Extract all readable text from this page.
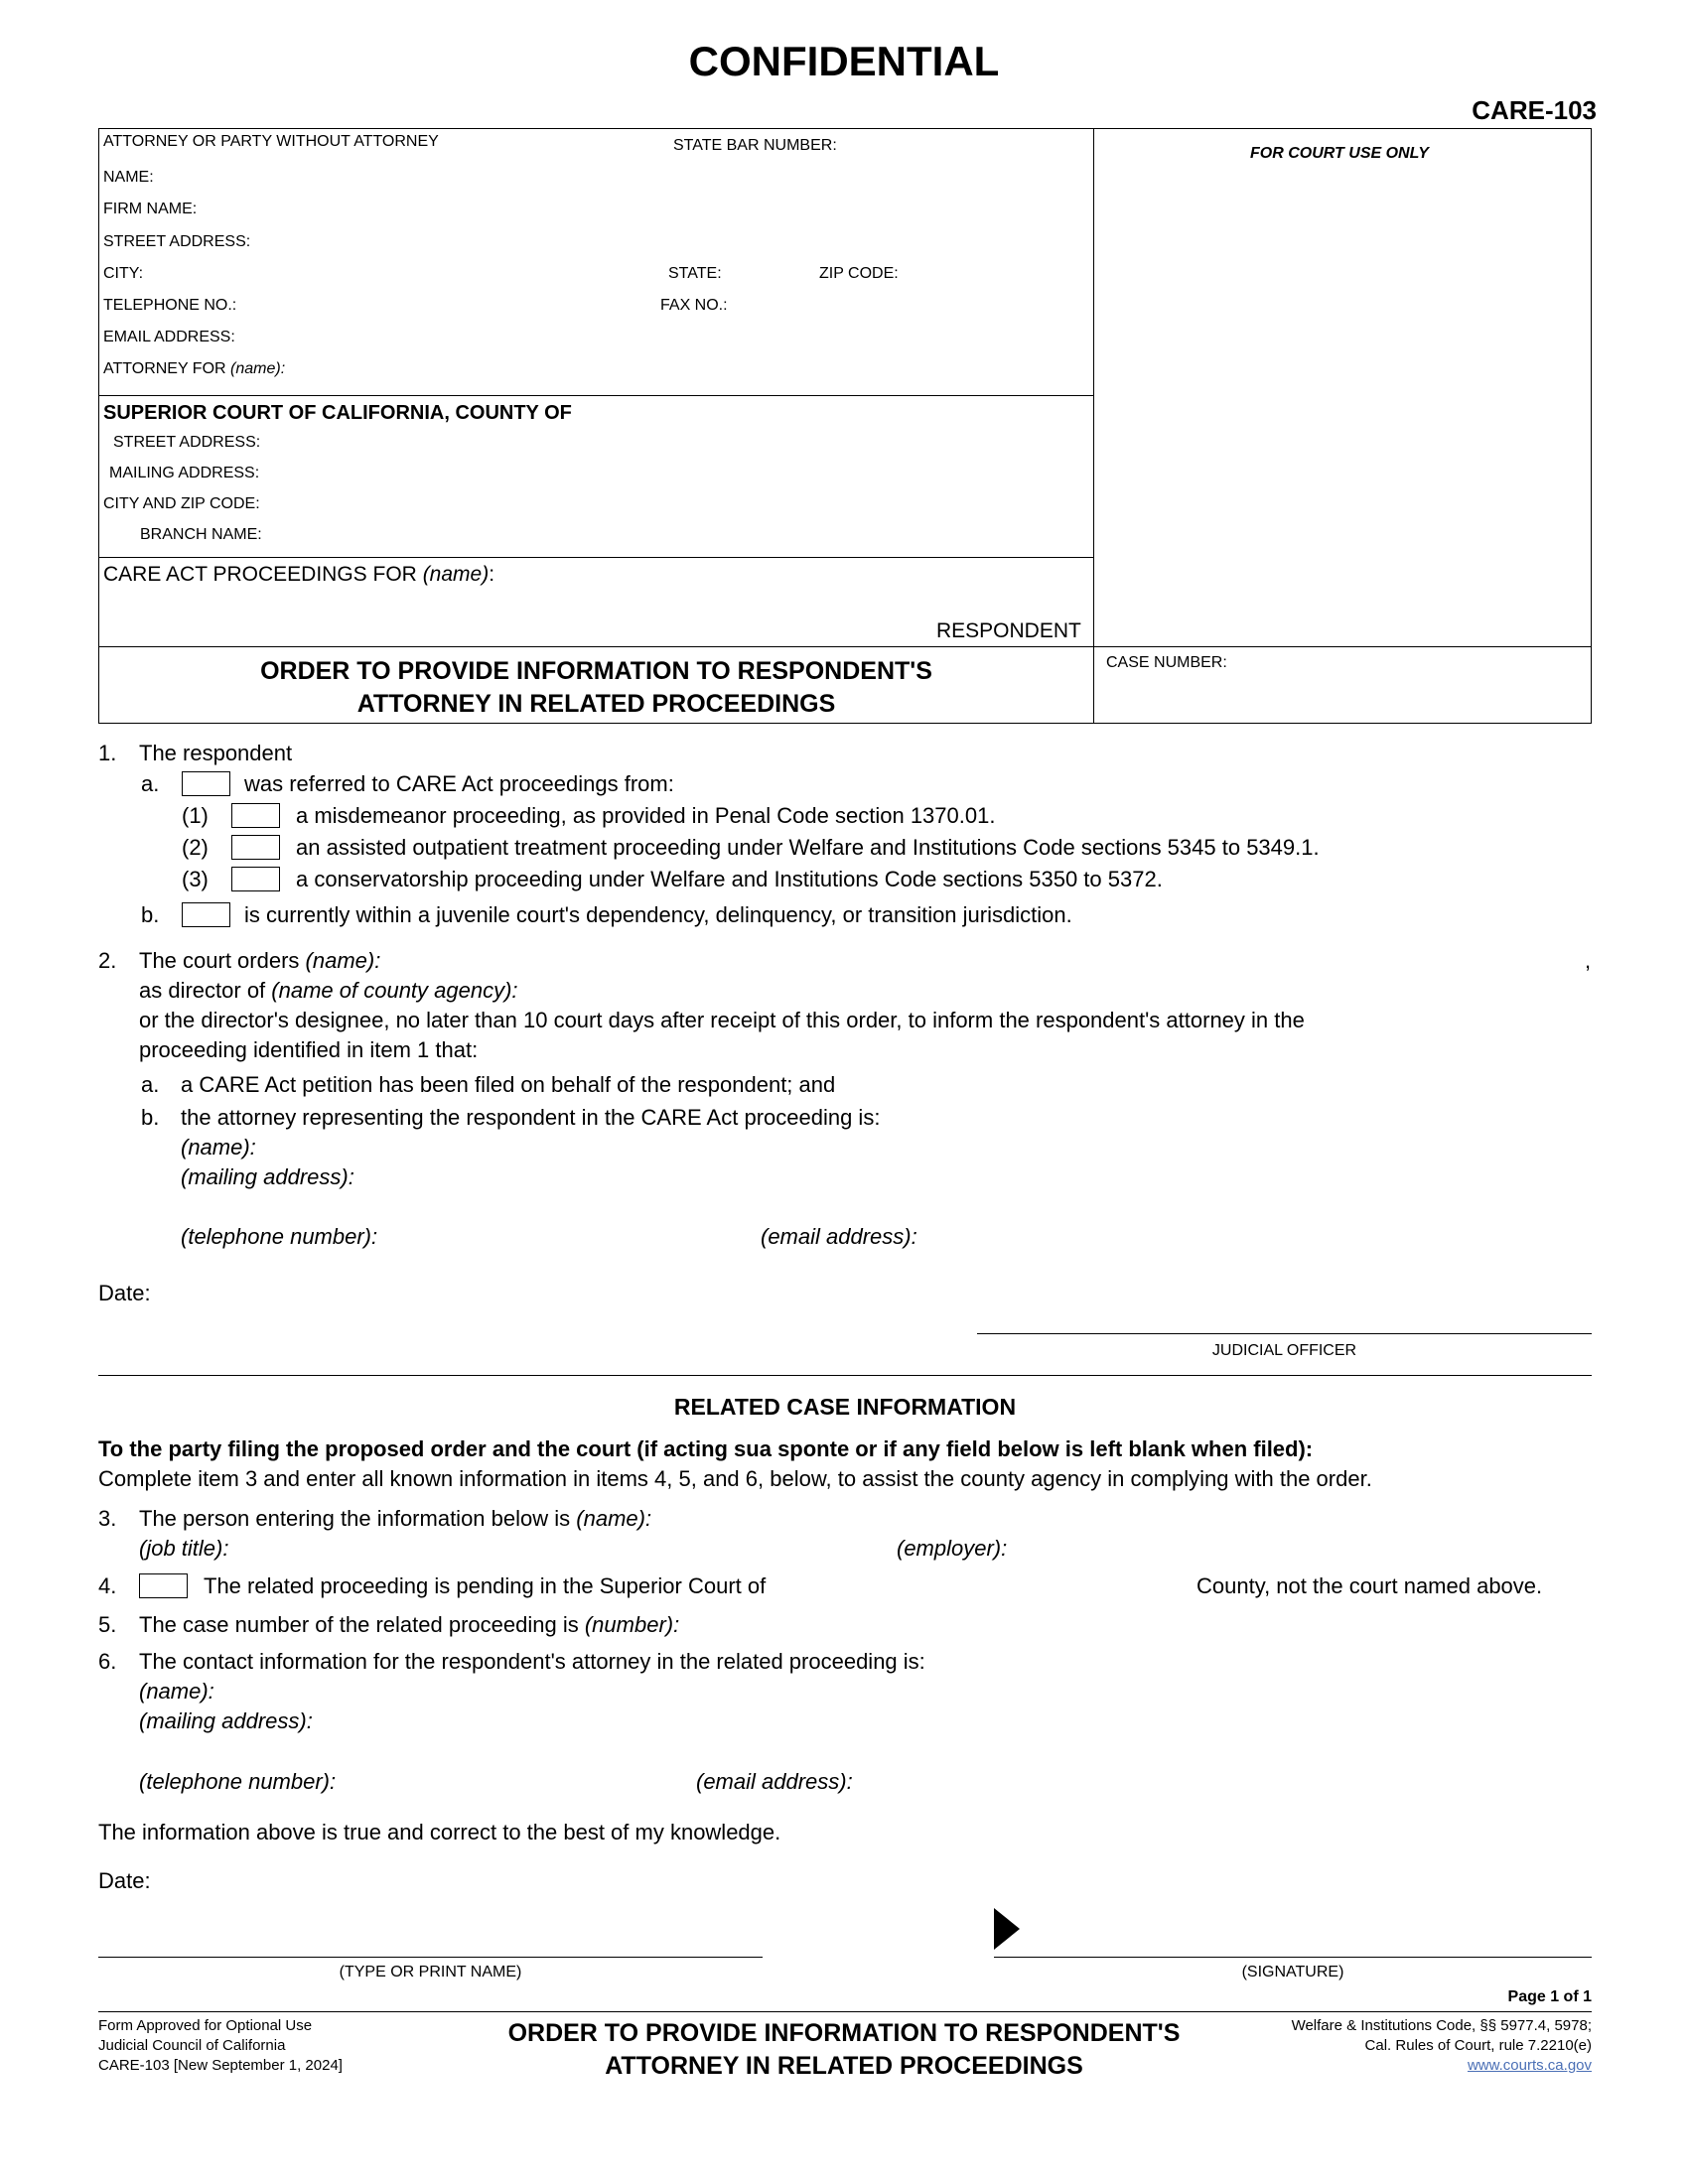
CONFIDENTIAL
CARE-103
ATTORNEY OR PARTY WITHOUT ATTORNEY	STATE BAR NUMBER:
NAME:
FIRM NAME:
STREET ADDRESS:
CITY:	STATE:	ZIP CODE:
TELEPHONE NO.:	FAX NO.:
EMAIL ADDRESS:
ATTORNEY FOR (name):
FOR COURT USE ONLY
SUPERIOR COURT OF CALIFORNIA, COUNTY OF
STREET ADDRESS:
MAILING ADDRESS:
CITY AND ZIP CODE:
BRANCH NAME:
CARE ACT PROCEEDINGS FOR (name):
RESPONDENT
ORDER TO PROVIDE INFORMATION TO RESPONDENT'S
ATTORNEY IN RELATED PROCEEDINGS
CASE NUMBER:
1. The respondent
a.	was referred to CARE Act proceedings from:
(1)	a misdemeanor proceeding, as provided in Penal Code section 1370.01.
(2)	an assisted outpatient treatment proceeding under Welfare and Institutions Code sections 5345 to 5349.1.
(3)	a conservatorship proceeding under Welfare and Institutions Code sections 5350 to 5372.
b.	is currently within a juvenile court's dependency, delinquency, or transition jurisdiction.
2. The court orders (name):	,
as director of (name of county agency):
or the director's designee, no later than 10 court days after receipt of this order, to inform the respondent's attorney in the
proceeding identified in item 1 that:
a. a CARE Act petition has been filed on behalf of the respondent; and
b. the attorney representing the respondent in the CARE Act proceeding is:
(name):
(mailing address):
(telephone number):	(email address):
Date:
JUDICIAL OFFICER
RELATED CASE INFORMATION
To the party filing the proposed order and the court (if acting sua sponte or if any field below is left blank when filed):
Complete item 3 and enter all known information in items 4, 5, and 6, below, to assist the county agency in complying with the order.
3. The person entering the information below is (name):
(job title):	(employer):
4.	The related proceeding is pending in the Superior Court of	County, not the court named above.
5. The case number of the related proceeding is (number):
6. The contact information for the respondent's attorney in the related proceeding is:
(name):
(mailing address):
(telephone number):	(email address):
The information above is true and correct to the best of my knowledge.
Date:
(TYPE OR PRINT NAME)	(SIGNATURE)
Page 1 of 1
Form Approved for Optional Use
Judicial Council of California
CARE-103 [New September 1, 2024]
ORDER TO PROVIDE INFORMATION TO RESPONDENT'S
ATTORNEY IN RELATED PROCEEDINGS
Welfare & Institutions Code, §§ 5977.4, 5978;
Cal. Rules of Court, rule 7.2210(e)
www.courts.ca.gov
